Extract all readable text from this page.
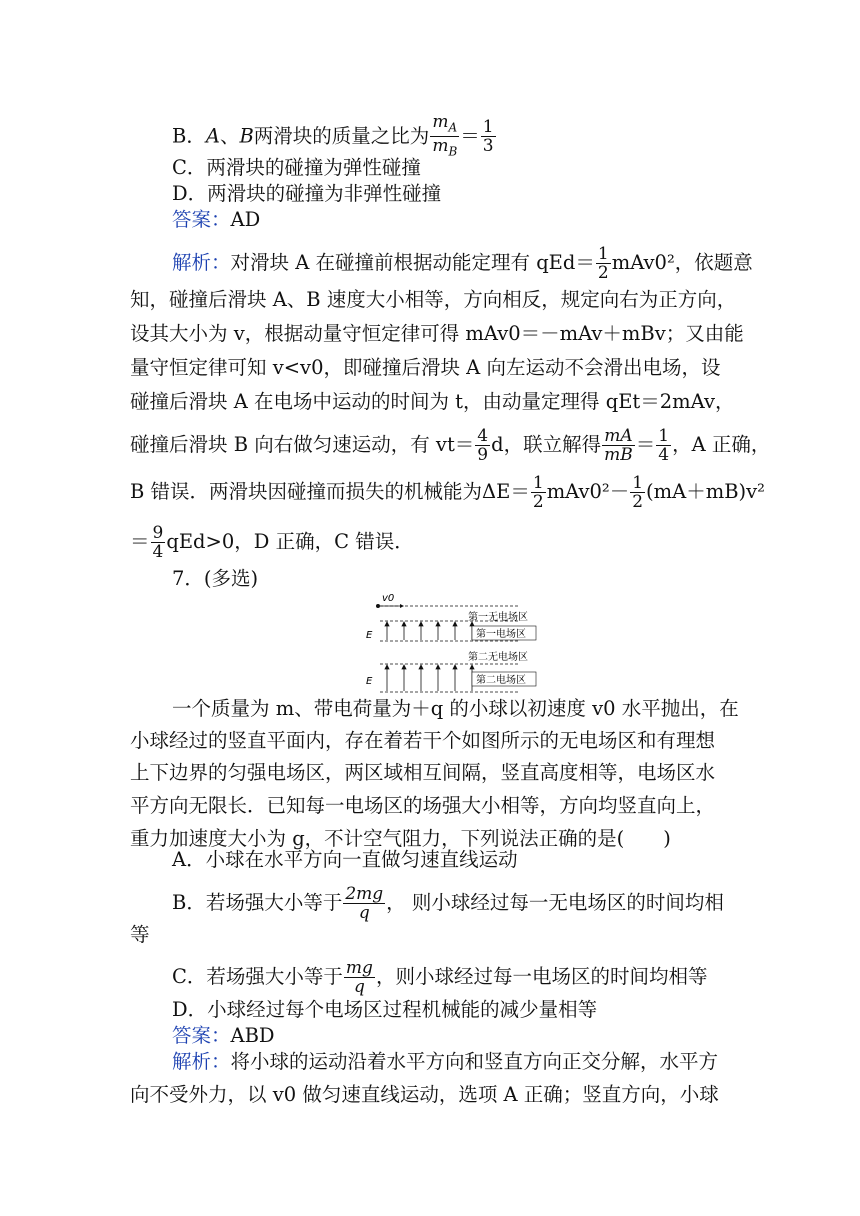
B．A、B两滑块的质量之比为 $\frac{m_A}{m_B} = \frac{1}{3}$
C．两滑块的碰撞为弹性碰撞
D．两滑块的碰撞为非弹性碰撞
答案：AD
解析：对滑块 A 在碰撞前根据动能定理有 $qEd= \frac{1}{2} mAv0^2$，依题意
知，碰撞后滑块 A、B 速度大小相等，方向相反，规定向右为正方向，
设其大小为 v，根据动量守恒定律可得 mAv0＝－mAv＋mBv；又由能
量守恒定律可知 v<v0，即碰撞后滑块 A 向左运动不会滑出电场，设
碰撞后滑块 A 在电场中运动的时间为 t，由动量定理得 qEt＝2mAv，
碰撞后滑块 B 向右做匀速运动，有 $vt= \frac{4}{9}$ d，联立解得 $\frac{mA}{mB} = \frac{1}{4}$ ，A 正确，
B 错误．两滑块因碰撞而损失的机械能为$\Delta E= \frac{1}{2} mAv0^2- \frac{1}{2} (mA+mB)v^2$
＝ $\frac{9}{4} qEd>0$，D 正确，C 错误．
7．(多选)
v0
E
E
第一无电场区
第一电场区
第二无电场区
第二电场区
一个质量为 m、带电荷量为＋q 的小球以初速度 v0 水平抛出，在
小球经过的竖直平面内，存在着若干个如图所示的无电场区和有理想
上下边界的匀强电场区，两区域相互间隔，竖直高度相等，电场区水
平方向无限长．已知每一电场区的场强大小相等，方向均竖直向上，
重力加速度大小为 g，不计空气阻力，下列说法正确的是(　　)
A．小球在水平方向一直做匀速直线运动
B．若场强大小等于 $\frac{2mg}{q}$ ， 则小球经过每一无电场区的时间均相
等
C．若场强大小等于 $\frac{mg}{q}$ ，则小球经过每一电场区的时间均相等
D．小球经过每个电场区过程机械能的减少量相等
答案：ABD
解析：将小球的运动沿着水平方向和竖直方向正交分解，水平方
向不受外力，以 v0 做匀速直线运动，选项 A 正确；竖直方向，小球
